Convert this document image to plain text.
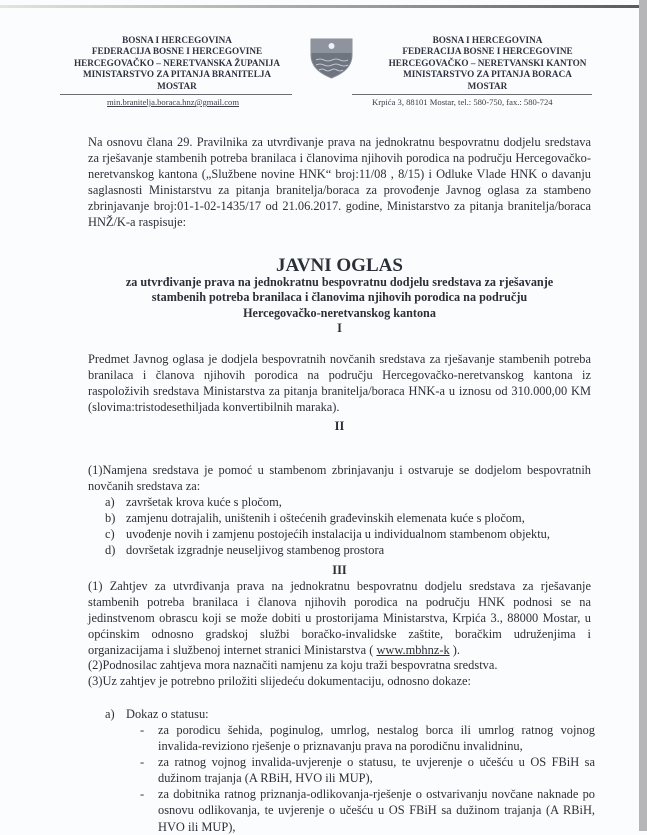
BOSNA I HERCEGOVINA
FEDERACIJA BOSNE I HERCEGOVINE
HERCEGOVAČKO – NERETVANSKA ŽUPANIJA
MINISTARSTVO ZA PITANJA BRANITELJA
MOSTAR
BOSNA I HERCEGOVINA
FEDERACIJA BOSNE I HERCEGOVINE
HERCEGOVAČKO – NERETVANSKI KANTON
MINISTARSTVO ZA PITANJA BORACA
MOSTAR
min.branitelja.boraca.hnz@gmail.com	Krpića 3, 88101 Mostar, tel.: 580-750, fax.: 580-724
Na osnovu člana 29. Pravilnika za utvrđivanje prava na jednokratnu bespovratnu dodjelu sredstava za rješavanje stambenih potreba branilaca i članovima njihovih porodica na području Hercegovačko-neretvanskog kantona („Službene novine HNK“ broj:11/08 , 8/15) i Odluke Vlade HNK o davanju saglasnosti Ministarstvu za pitanja branitelja/boraca za provođenje Javnog oglasa za stambeno zbrinjavanje broj:01-1-02-1435/17 od 21.06.2017. godine, Ministarstvo za pitanja branitelja/boraca HNŽ/K-a raspisuje:
JAVNI OGLAS
za utvrđivanje prava na jednokratnu bespovratnu dodjelu sredstava za rješavanje
stambenih potreba branilaca i članovima njihovih porodica na području
Hercegovačko-neretvanskog kantona
I
Predmet Javnog oglasa je dodjela bespovratnih novčanih sredstava za rješavanje stambenih potreba branilaca i članova njihovih porodica na području Hercegovačko-neretvanskog kantona iz raspoloživih sredstava Ministarstva za pitanja branitelja/boraca HNK-a u iznosu od 310.000,00 KM (slovima:tristodesethiljada konvertibilnih maraka).
II
(1)Namjena sredstava je pomoć u stambenom zbrinjavanju i ostvaruje se dodjelom bespovratnih novčanih sredstava za:
a) završetak krova kuće s pločom,
b) zamjenu dotrajalih, uništenih i oštećenih građevinskih elemenata kuće s pločom,
c) uvođenje novih i zamjenu postojećih instalacija u individualnom stambenom objektu,
d) dovršetak izgradnje neuseljivog stambenog prostora
III
(1) Zahtjev za utvrđivanja prava na jednokratnu bespovratnu dodjelu sredstava za rješavanje stambenih potreba branilaca i članova njihovih porodica na području HNK podnosi se na jedinstvenom obrascu koji se može dobiti u prostorijama Ministarstva, Krpića 3., 88000 Mostar, u općinskim odnosno gradskoj službi boračko-invalidske zaštite, boračkim udruženjima i organizacijama i službenoj internet stranici Ministarstva ( www.mbhnz-k ).
(2)Podnosilac zahtjeva mora naznačiti namjenu za koju traži bespovratna sredstva.
(3)Uz zahtjev je potrebno priložiti slijedeću dokumentaciju, odnosno dokaze:
a) Dokaz o statusu:
-	za porodicu šehida, poginulog, umrlog, nestalog borca ili umrlog ratnog vojnog invalida-reviziono rješenje o priznavanju prava na porodičnu invalidninu,
-	za ratnog vojnog invalida-uvjerenje o statusu, te uvjerenje o učešću u OS FBiH sa dužinom trajanja (A RBiH, HVO ili MUP),
-	za dobitnika ratnog priznanja-odlikovanja-rješenje o ostvarivanju novčane naknade po osnovu odlikovanja, te uvjerenje o učešću u OS FBiH sa dužinom trajanja (A RBiH, HVO ili MUP),
